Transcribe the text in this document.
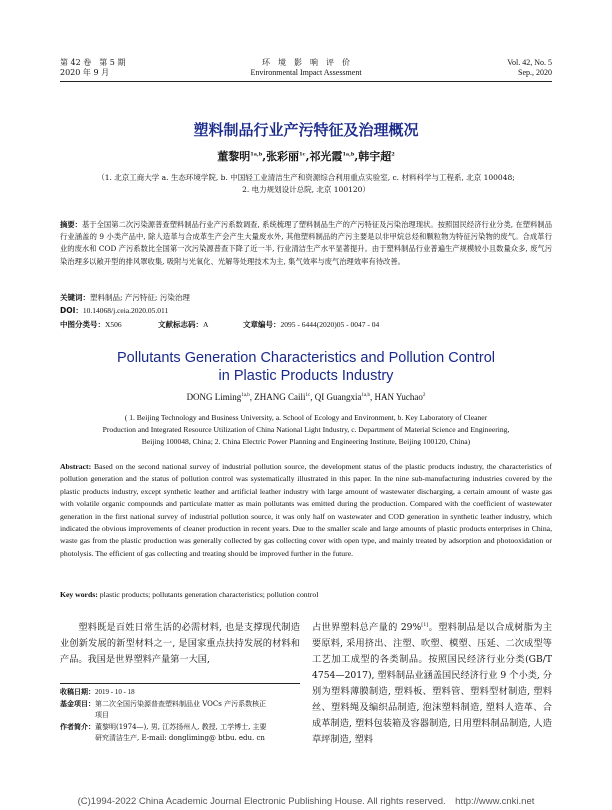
第 42 卷　第 5 期
2020 年 9 月
环　境　影　响　评　价
Environmental Impact Assessment
Vol. 42, No. 5
Sep., 2020
塑料制品行业产污特征及治理概况
董黎明$^{1a,b}$,张彩丽$^{1c}$,祁光霞$^{1a,b}$,韩宇超$^2$
（1. 北京工商大学 a. 生态环境学院, b. 中国轻工业清洁生产和资源综合利用重点实验室, c. 材料科学与工程系, 北京 100048;
2. 电力规划设计总院, 北京 100120）
摘要：基于全国第二次污染源普查塑料制品行业产污系数调查, 系统梳理了塑料制品生产的产污特征及污染治理现状。按照国民经济行业分类, 在塑料制品行业涵盖的 9 小类产品中, 除人造革与合成革生产会产生大量废水外, 其他塑料制品的产污主要是以非甲烷总烃和颗粒物为特征污染物的废气。合成革行业的废水和 COD 产污系数比全国第一次污染源普查下降了近一半, 行业清洁生产水平显著提升。由于塑料制品行业普遍生产规模较小且数量众多, 废气污染治理多以敞开型的排风罩收集, 吸附与光氧化、光解等处理技术为主, 集气效率与废气治理效率有待改善。
关键词：塑料制品; 产污特征; 污染治理
DOI：10.14068/j.ceia.2020.05.011
中图分类号：X506	文献标志码：A	文章编号：2095 - 6444(2020)05 - 0047 - 04
Pollutants Generation Characteristics and Pollution Control
in Plastic Products Industry
DONG Liming$^{1a,b}$, ZHANG Caili$^{1c}$, QI Guangxia$^{1a,b}$, HAN Yuchao$^2$
( 1. Beijing Technology and Business University, a. School of Ecology and Environment, b. Key Laboratory of Cleaner
Production and Integrated Resource Utilization of China National Light Industry, c. Department of Material Science and Engineering,
Beijing 100048, China; 2. China Electric Power Planning and Engineering Institute, Beijing 100120, China)
Abstract: Based on the second national survey of industrial pollution source, the development status of the plastic products industry, the characteristics of pollution generation and the status of pollution control was systematically illustrated in this paper. In the nine sub-manufacturing industries covered by the plastic products industry, except synthetic leather and artificial leather industry with large amount of wastewater discharging, a certain amount of waste gas with volatile organic compounds and particulate matter as main pollutants was emitted during the production. Compared with the coefficient of wastewater generation in the first national survey of industrial pollution source, it was only half on wastewater and COD generation in synthetic leather industry, which indicated the obvious improvements of cleaner production in recent years. Due to the smaller scale and large amounts of plastic products enterprises in China, waste gas from the plastic production was generally collected by gas collecting cover with open type, and mainly treated by adsorption and photooxidation or photolysis. The efficient of gas collecting and treating should be improved further in the future.
Key words: plastic products; pollutants generation characteristics; pollution control
塑料既是百姓日常生活的必需材料, 也是支撑现代制造业创新发展的新型材料之一, 是国家重点扶持发展的材料和产品。我国是世界塑料产量第一大国,
占世界塑料总产量的 29%[1]。塑料制品是以合成树脂为主要原料, 采用挤出、注塑、吹塑、模塑、压延、二次成型等工艺加工成型的各类制品。按照国民经济行业分类(GB/T 4754—2017), 塑料制品业涵盖国民经济行业 9 个小类, 分别为塑料薄膜制造, 塑料板、塑料管、塑料型材制造, 塑料丝、塑料绳及编织品制造, 泡沫塑料制造, 塑料人造革、合成革制造, 塑料包装箱及容器制造, 日用塑料制品制造, 人造草坪制造, 塑料
收稿日期：2019 - 10 - 18
基金项目： 第二次全国污染源普查塑料制品业 VOCs 产污系数核正
项目
作者简介： 董黎明(1974—), 男, 江苏扬州人, 教授, 工学博士, 主要
研究清洁生产, E-mail: dongliming@ btbu. edu. cn
(C)1994-2022 China Academic Journal Electronic Publishing House. All rights reserved.　http://www.cnki.net
